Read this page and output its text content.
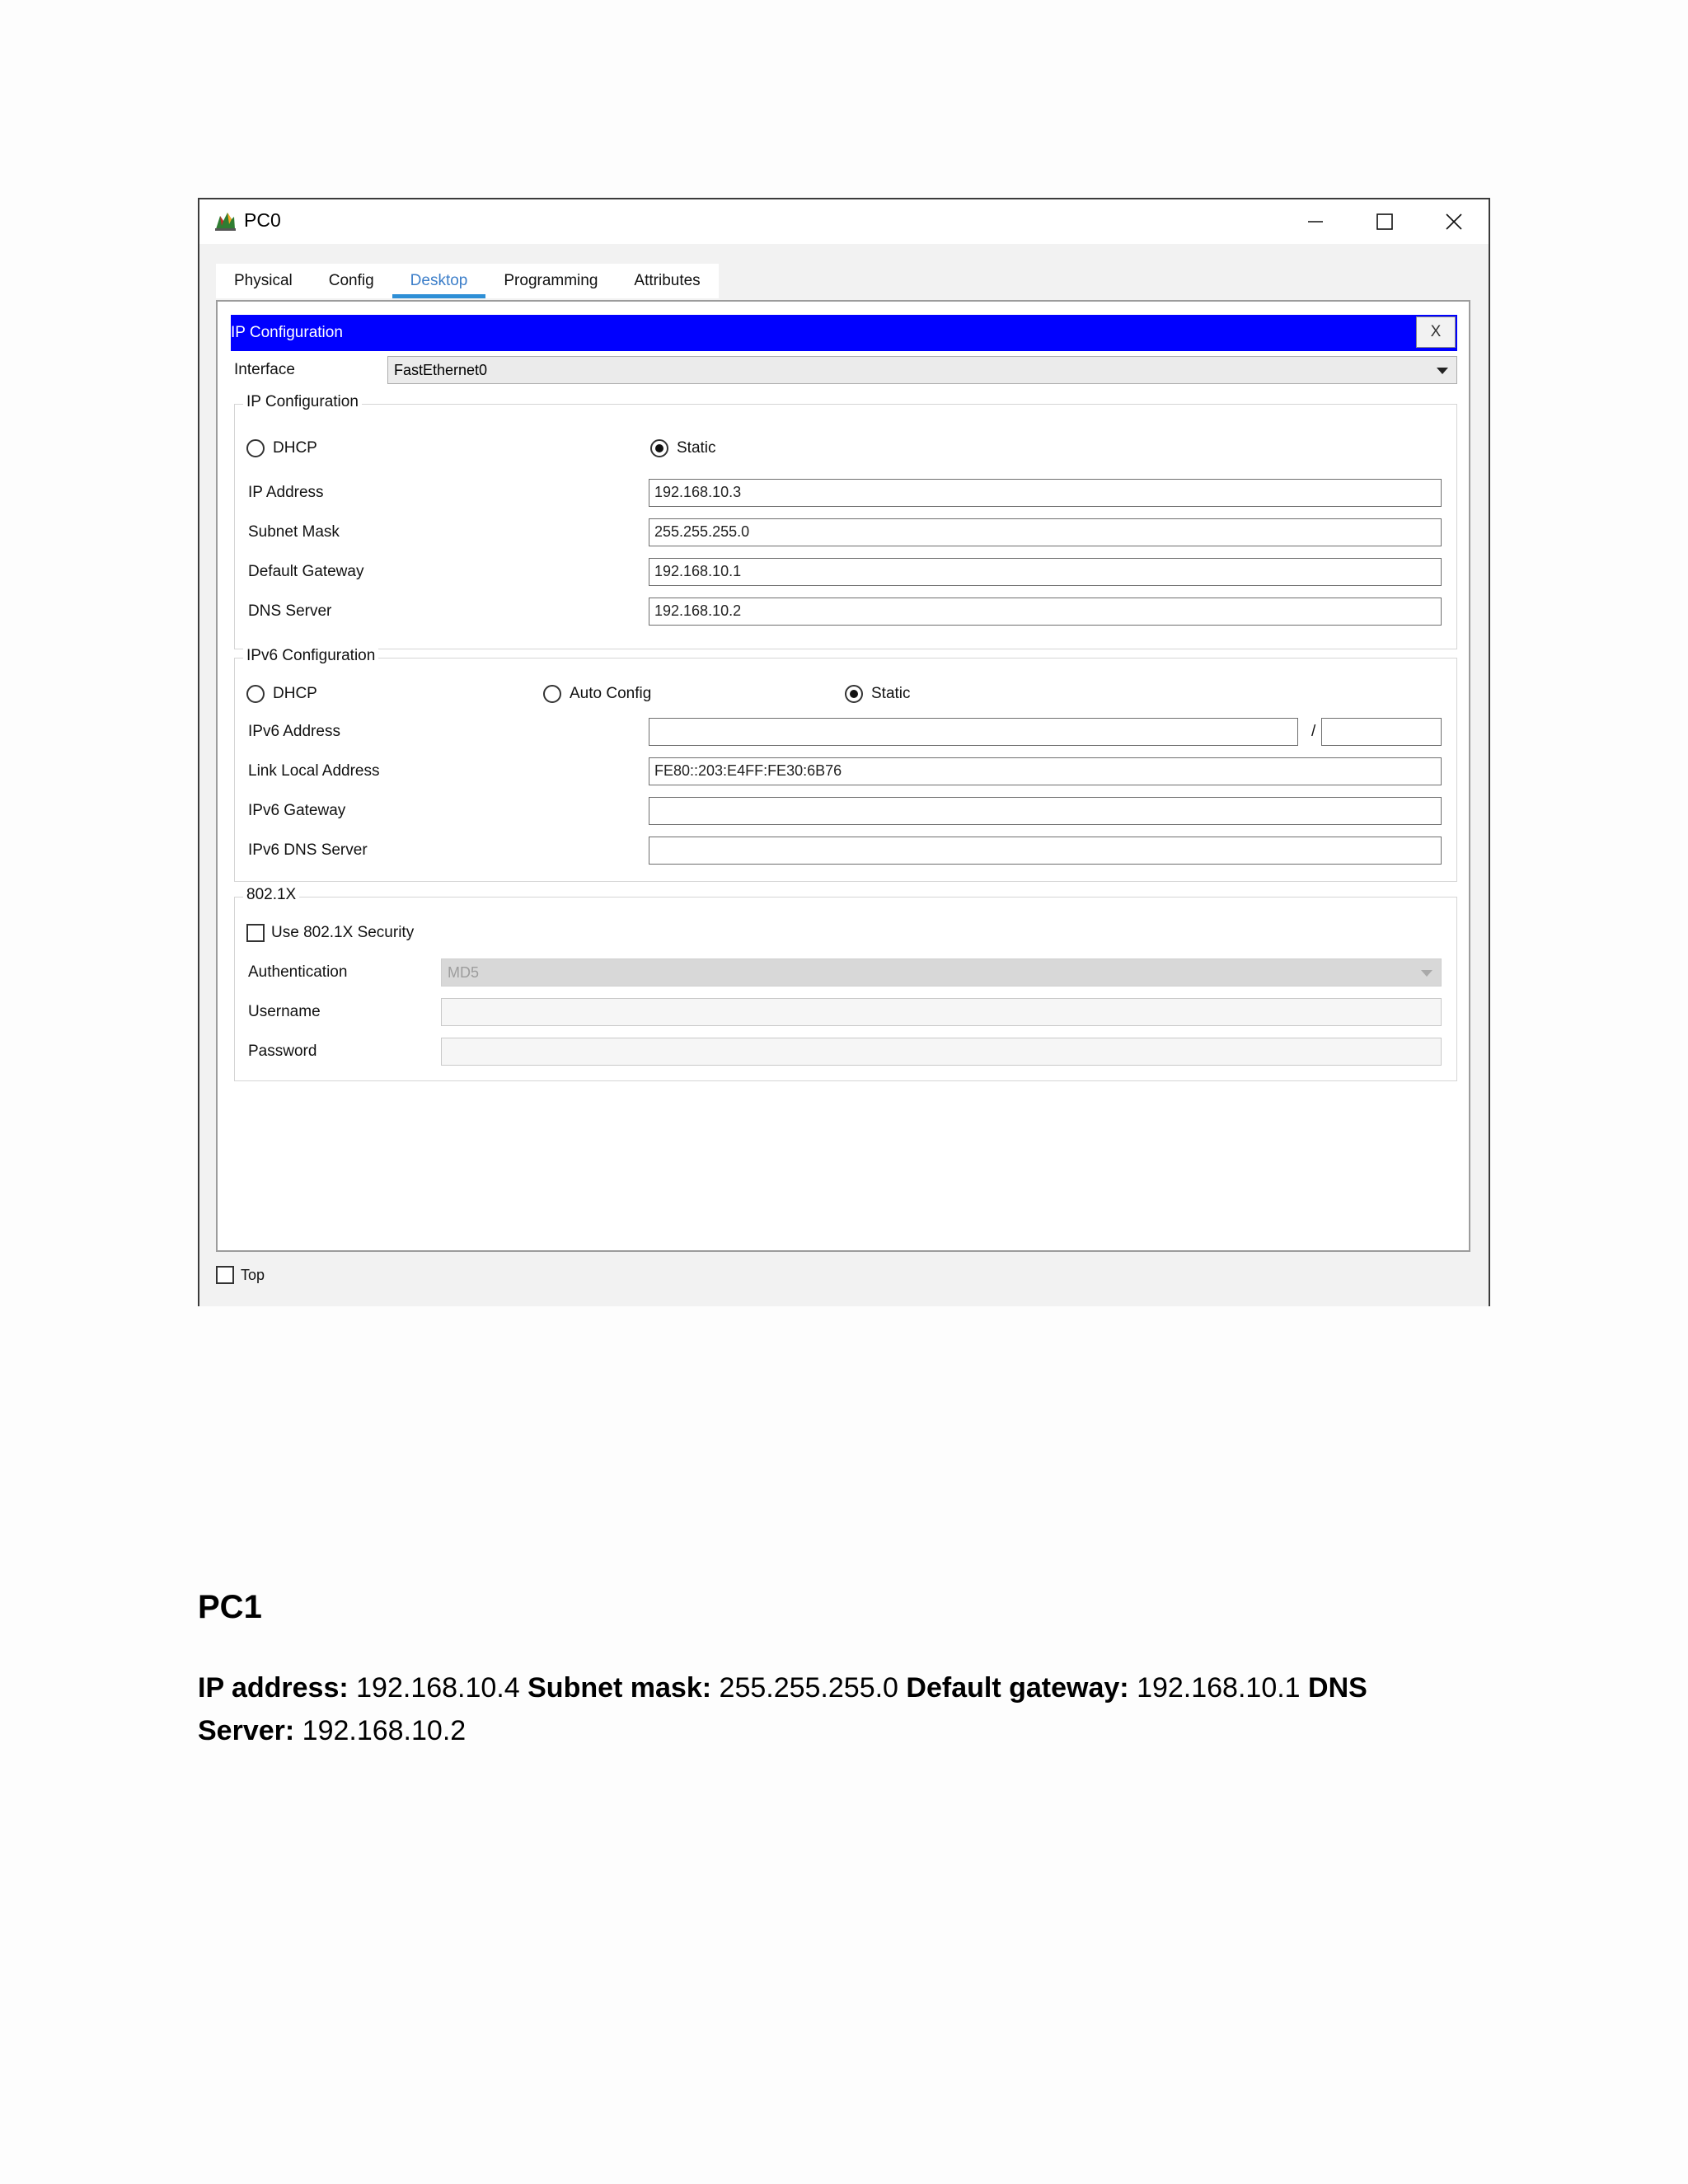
PC0
Physical	Config	Desktop	Programming	Attributes
IP Configuration	X
Interface	FastEthernet0
IP Configuration
DHCP	Static
IP Address	192.168.10.3
Subnet Mask	255.255.255.0
Default Gateway	192.168.10.1
DNS Server	192.168.10.2
IPv6 Configuration
DHCP	Auto Config	Static
IPv6 Address	/
Link Local Address	FE80::203:E4FF:FE30:6B76
IPv6 Gateway
IPv6 DNS Server
802.1X
Use 802.1X Security
Authentication	MD5
Username
Password
Top
PC1
IP address: 192.168.10.4 Subnet mask: 255.255.255.0 Default gateway: 192.168.10.1 DNS Server: 192.168.10.2
